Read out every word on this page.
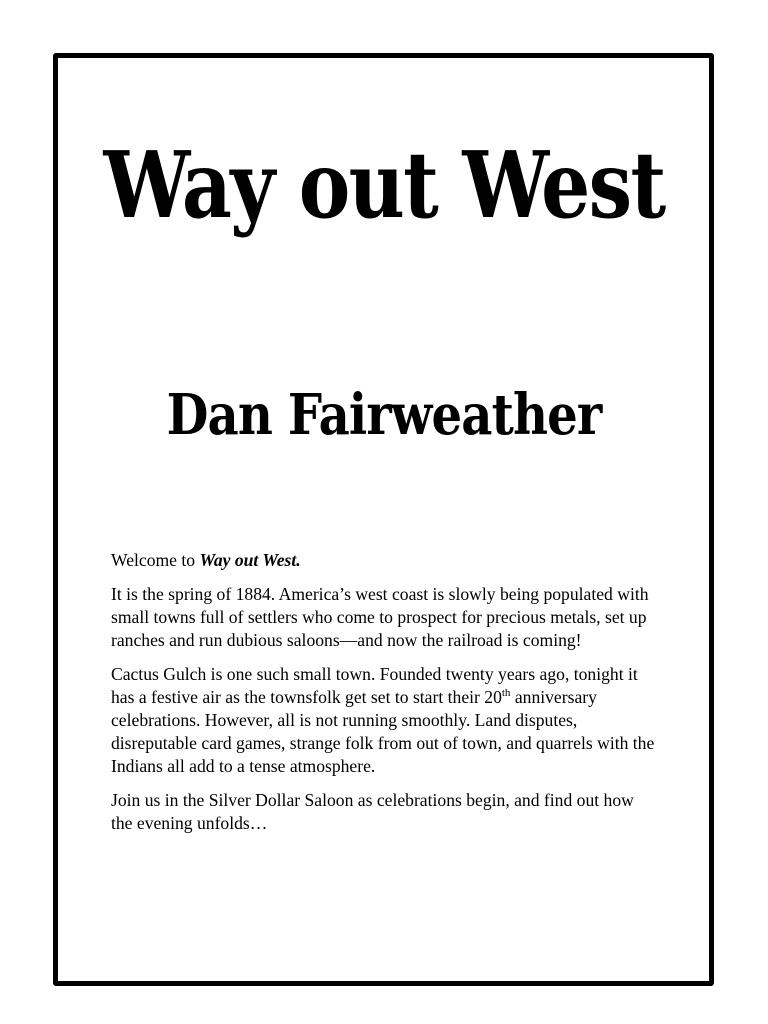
Way out West
Dan Fairweather

Welcome to Way out West.

It is the spring of 1884. America’s west coast is slowly being populated with small towns full of settlers who come to prospect for precious metals, set up ranches and run dubious saloons—and now the railroad is coming!

Cactus Gulch is one such small town. Founded twenty years ago, tonight it has a festive air as the townsfolk get set to start their 20th anniversary celebrations. However, all is not running smoothly. Land disputes, disreputable card games, strange folk from out of town, and quarrels with the Indians all add to a tense atmosphere.

Join us in the Silver Dollar Saloon as celebrations begin, and find out how the evening unfolds…
